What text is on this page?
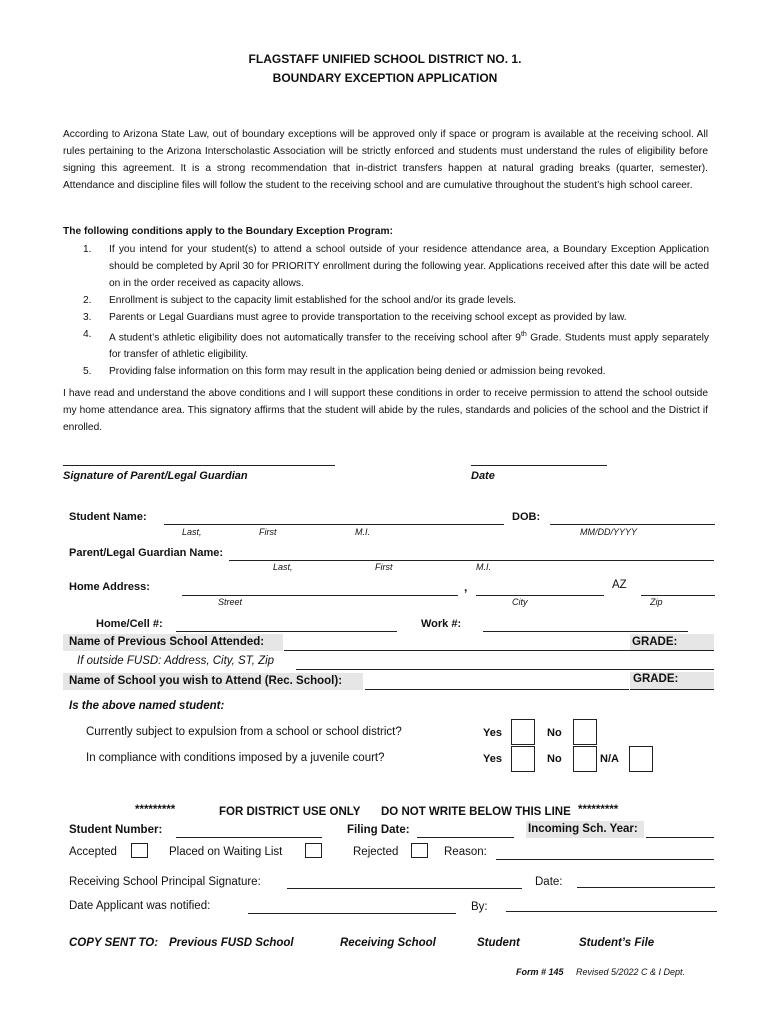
FLAGSTAFF UNIFIED SCHOOL DISTRICT NO. 1.
BOUNDARY EXCEPTION APPLICATION
According to Arizona State Law, out of boundary exceptions will be approved only if space or program is available at the receiving school. All rules pertaining to the Arizona Interscholastic Association will be strictly enforced and students must understand the rules of eligibility before signing this agreement. It is a strong recommendation that in-district transfers happen at natural grading breaks (quarter, semester). Attendance and discipline files will follow the student to the receiving school and are cumulative throughout the student’s high school career.
The following conditions apply to the Boundary Exception Program:
1.	If you intend for your student(s) to attend a school outside of your residence attendance area, a Boundary Exception Application should be completed by April 30 for PRIORITY enrollment during the following year. Applications received after this date will be acted on in the order received as capacity allows.
2.	Enrollment is subject to the capacity limit established for the school and/or its grade levels.
3.	Parents or Legal Guardians must agree to provide transportation to the receiving school except as provided by law.
4.	A student’s athletic eligibility does not automatically transfer to the receiving school after 9th Grade. Students must apply separately for transfer of athletic eligibility.
5.	Providing false information on this form may result in the application being denied or admission being revoked.
I have read and understand the above conditions and I will support these conditions in order to receive permission to attend the school outside my home attendance area. This signatory affirms that the student will abide by the rules, standards and policies of the school and the District if enrolled.
Signature of Parent/Legal Guardian	Date
Student Name:	DOB:
Last,	First	M.I.	MM/DD/YYYY
Parent/Legal Guardian Name:
Last,	First	M.I.
Home Address:	,	AZ
Street	City	Zip
Home/Cell #:	Work #:
Name of Previous School Attended:	GRADE:
If outside FUSD: Address, City, ST, Zip
Name of School you wish to Attend (Rec. School):	GRADE:
Is the above named student:
Currently subject to expulsion from a school or school district?	Yes	No
In compliance with conditions imposed by a juvenile court?	Yes	No	N/A
*********	FOR DISTRICT USE ONLY DO NOT WRITE BELOW THIS LINE *********
Student Number:	Filing Date:	Incoming Sch. Year:
Accepted	Placed on Waiting List	Rejected	Reason:
Receiving School Principal Signature:	Date:
Date Applicant was notified:	By:
COPY SENT TO: Previous FUSD School	Receiving School	Student	Student’s File
Form # 145 Revised 5/2022 C & I Dept.
